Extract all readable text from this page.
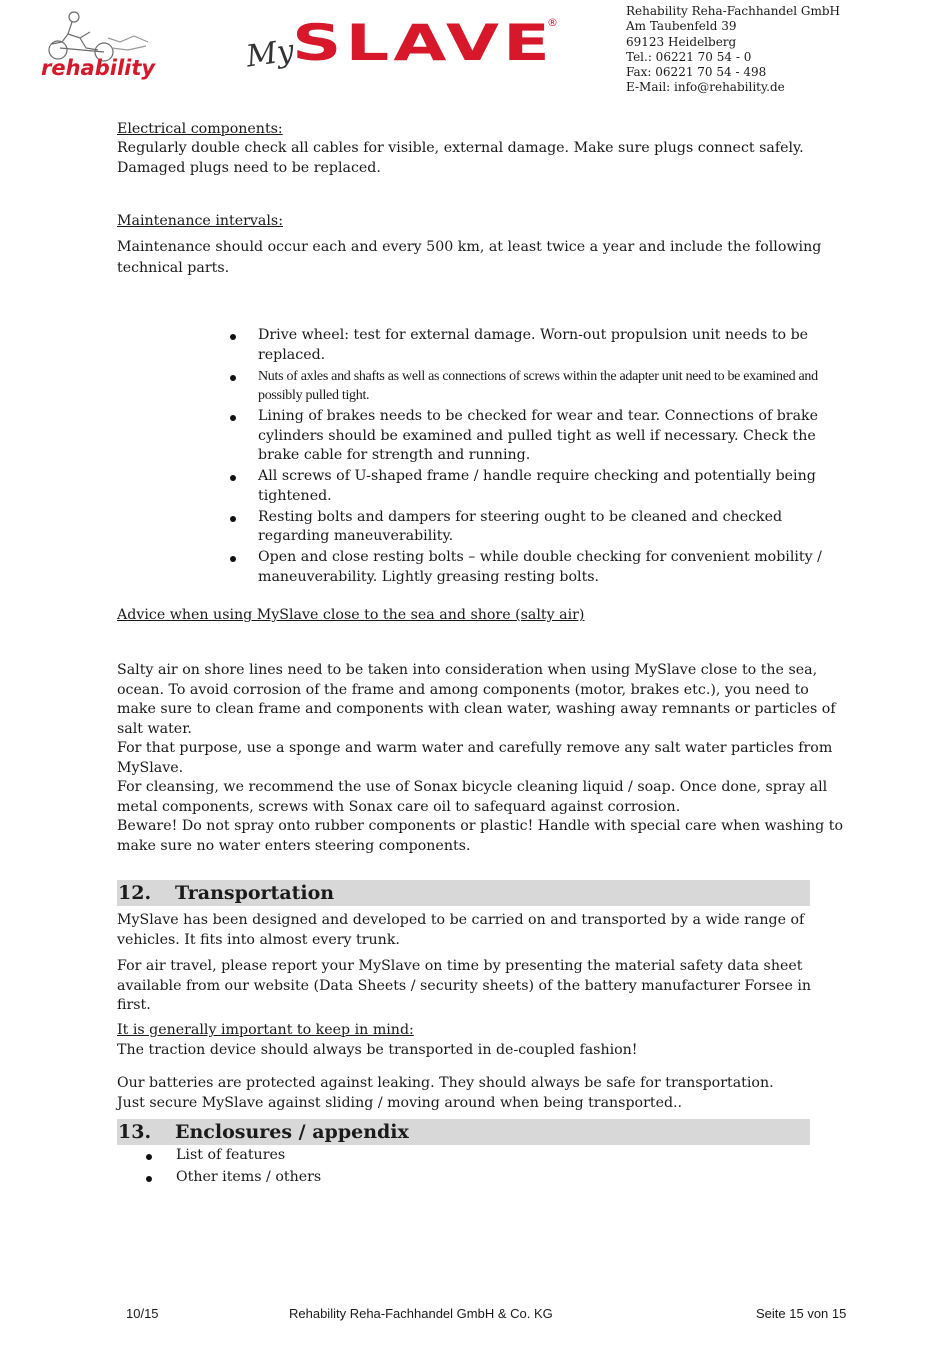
rehability	My
SLAVE
®
Rehability Reha-Fachhandel GmbH
Am Taubenfeld 39
69123 Heidelberg
Tel.: 06221 70 54 - 0
Fax: 06221 70 54 - 498
E-Mail: info@rehability.de
Electrical components:

Regularly double check all cables for visible, external damage. Make sure plugs connect safely. Damaged plugs need to be replaced.

Maintenance intervals:

Maintenance should occur each and every 500 km, at least twice a year and include the following technical parts.

Drive wheel: test for external damage. Worn-out propulsion unit needs to be replaced.
Nuts of axles and shafts as well as connections of screws within the adapter unit need to be examined and possibly pulled tight.
Lining of brakes needs to be checked for wear and tear. Connections of brake cylinders should be examined and pulled tight as well if necessary. Check the brake cable for strength and running.
All screws of U-shaped frame / handle require checking and potentially being tightened.
Resting bolts and dampers for steering ought to be cleaned and checked regarding maneuverability.
Open and close resting bolts – while double checking for convenient mobility / maneuverability. Lightly greasing resting bolts.
Advice when using MySlave close to the sea and shore (salty air)

Salty air on shore lines need to be taken into consideration when using MySlave close to the sea, ocean. To avoid corrosion of the frame and among components (motor, brakes etc.), you need to make sure to clean frame and components with clean water, washing away remnants or particles of salt water.

For that purpose, use a sponge and warm water and carefully remove any salt water particles from MySlave.

For cleansing, we recommend the use of Sonax bicycle cleaning liquid / soap. Once done, spray all metal components, screws with Sonax care oil to safequard against corrosion.

Beware! Do not spray onto rubber components or plastic! Handle with special care when washing to make sure no water enters steering components.

12. Transportation

MySlave has been designed and developed to be carried on and transported by a wide range of vehicles. It fits into almost every trunk.

For air travel, please report your MySlave on time by presenting the material safety data sheet available from our website (Data Sheets / security sheets) of the battery manufacturer Forsee in first.

It is generally important to keep in mind:
The traction device should always be transported in de-coupled fashion!
Our batteries are protected against leaking. They should always be safe for transportation.
Just secure MySlave against sliding / moving around when being transported..
13. Enclosures / appendix
List of features
Other items / others
10/15	Rehability Reha-Fachhandel GmbH & Co. KG	Seite 15 von 15
